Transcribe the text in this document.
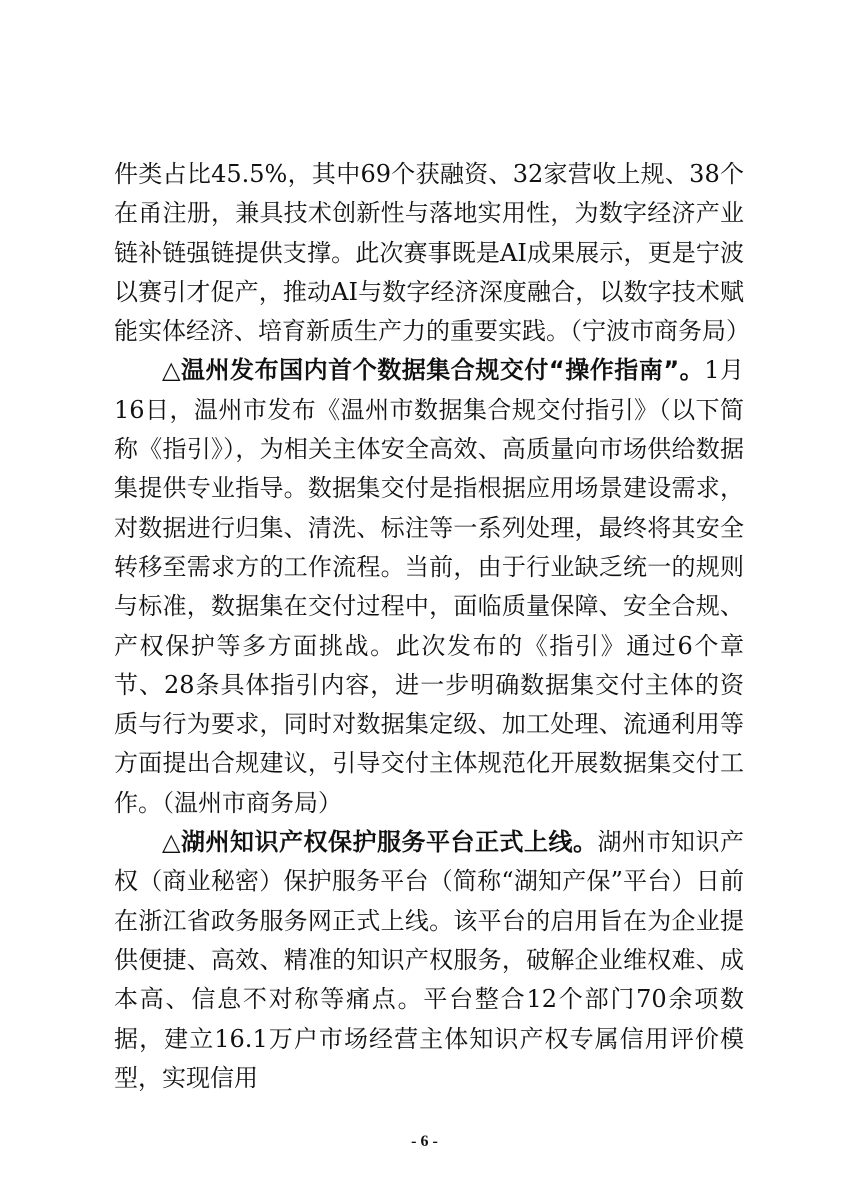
件类占比45.5%，其中69个获融资、32家营收上规、38个在甬注册，兼具技术创新性与落地实用性，为数字经济产业链补链强链提供支撑。此次赛事既是AI成果展示，更是宁波以赛引才促产，推动AI与数字经济深度融合，以数字技术赋能实体经济、培育新质生产力的重要实践。（宁波市商务局）

△温州发布国内首个数据集合规交付“操作指南”。1月16日，温州市发布《温州市数据集合规交付指引》（以下简称《指引》），为相关主体安全高效、高质量向市场供给数据集提供专业指导。数据集交付是指根据应用场景建设需求，对数据进行归集、清洗、标注等一系列处理，最终将其安全转移至需求方的工作流程。当前，由于行业缺乏统一的规则与标准，数据集在交付过程中，面临质量保障、安全合规、产权保护等多方面挑战。此次发布的《指引》通过6个章节、28条具体指引内容，进一步明确数据集交付主体的资质与行为要求，同时对数据集定级、加工处理、流通利用等方面提出合规建议，引导交付主体规范化开展数据集交付工作。（温州市商务局）

△湖州知识产权保护服务平台正式上线。湖州市知识产权（商业秘密）保护服务平台（简称“湖知产保”平台）日前在浙江省政务服务网正式上线。该平台的启用旨在为企业提供便捷、高效、精准的知识产权服务，破解企业维权难、成本高、信息不对称等痛点。平台整合12个部门70余项数据，建立16.1万户市场经营主体知识产权专属信用评价模型，实现信用

- 6 -
